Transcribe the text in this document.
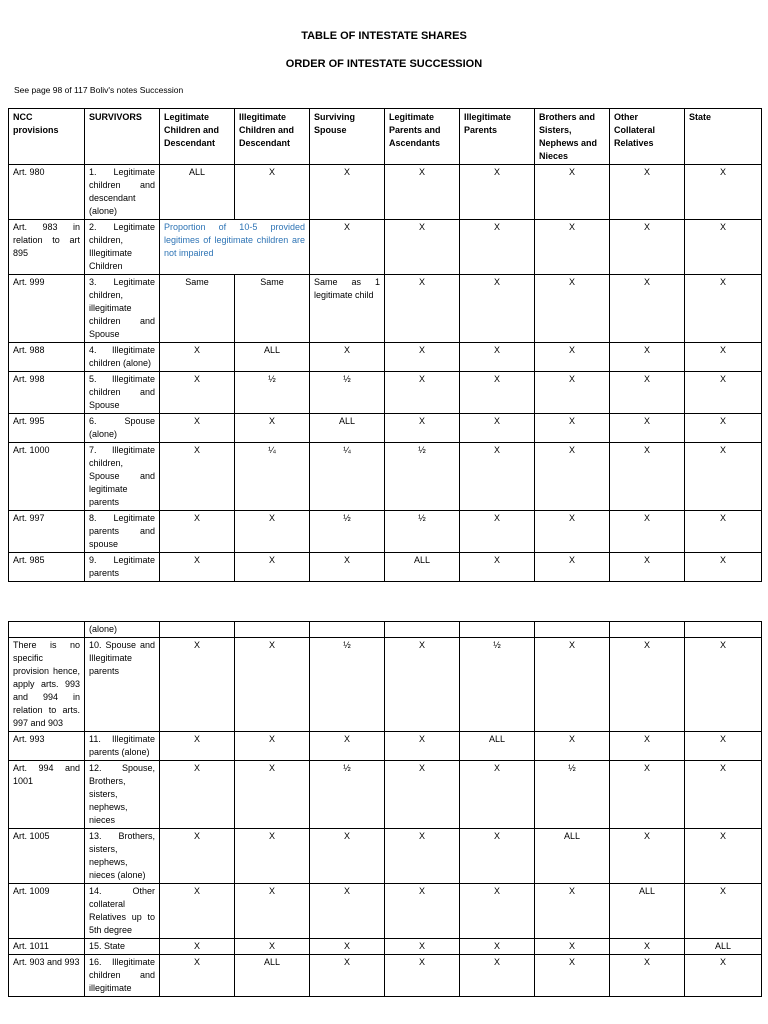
TABLE OF INTESTATE SHARES
ORDER OF INTESTATE SUCCESSION
See page 98 of 117 Boliv's notes Succession
NCC provisions	SURVIVORS	Legitimate Children and Descendant	Illegitimate Children and Descendant	Surviving Spouse	Legitimate Parents and Ascendants	Illegitimate Parents	Brothers and Sisters, Nephews and Nieces	Other Collateral Relatives	State
Art. 980	1. Legitimate children and descendant (alone)	ALL	X	X	X	X	X	X	X
Art. 983 in relation to art 895	2. Legitimate children, Illegitimate Children	Proportion of 10-5 provided legitimes of legitimate children are not impaired		X	X	X	X	X	X
Art. 999	3. Legitimate children, illegitimate children and Spouse	Same	Same	Same as 1 legitimate child	X	X	X	X	X
Art. 988	4. Illegitimate children (alone)	X	ALL	X	X	X	X	X	X
Art. 998	5. Illegitimate children and Spouse	X	½	½	X	X	X	X	X
Art. 995	6. Spouse (alone)	X	X	ALL	X	X	X	X	X
Art. 1000	7. Illegitimate children, Spouse and legitimate parents	X	¼	¼	½	X	X	X	X
Art. 997	8. Legitimate parents and spouse	X	X	½	½	X	X	X	X
Art. 985	9. Legitimate parents	X	X	X	ALL	X	X	X	X
	(alone)								
There is no specific provision hence, apply arts. 993 and 994 in relation to arts. 997 and 903	10. Spouse and Illegitimate parents	X	X	½	X	½	X	X	X
Art. 993	11. Illegitimate parents (alone)	X	X	X	X	ALL	X	X	X
Art. 994 and 1001	12. Spouse, Brothers, sisters, nephews, nieces	X	X	½	X	X	½	X	X
Art. 1005	13. Brothers, sisters, nephews, nieces (alone)	X	X	X	X	X	ALL	X	X
Art. 1009	14. Other collateral Relatives up to 5th degree	X	X	X	X	X	X	ALL	X
Art. 1011	15. State	X	X	X	X	X	X	X	ALL
Art. 903 and 993	16. Illegitimate children and illegitimate	X	ALL	X	X	X	X	X	X
